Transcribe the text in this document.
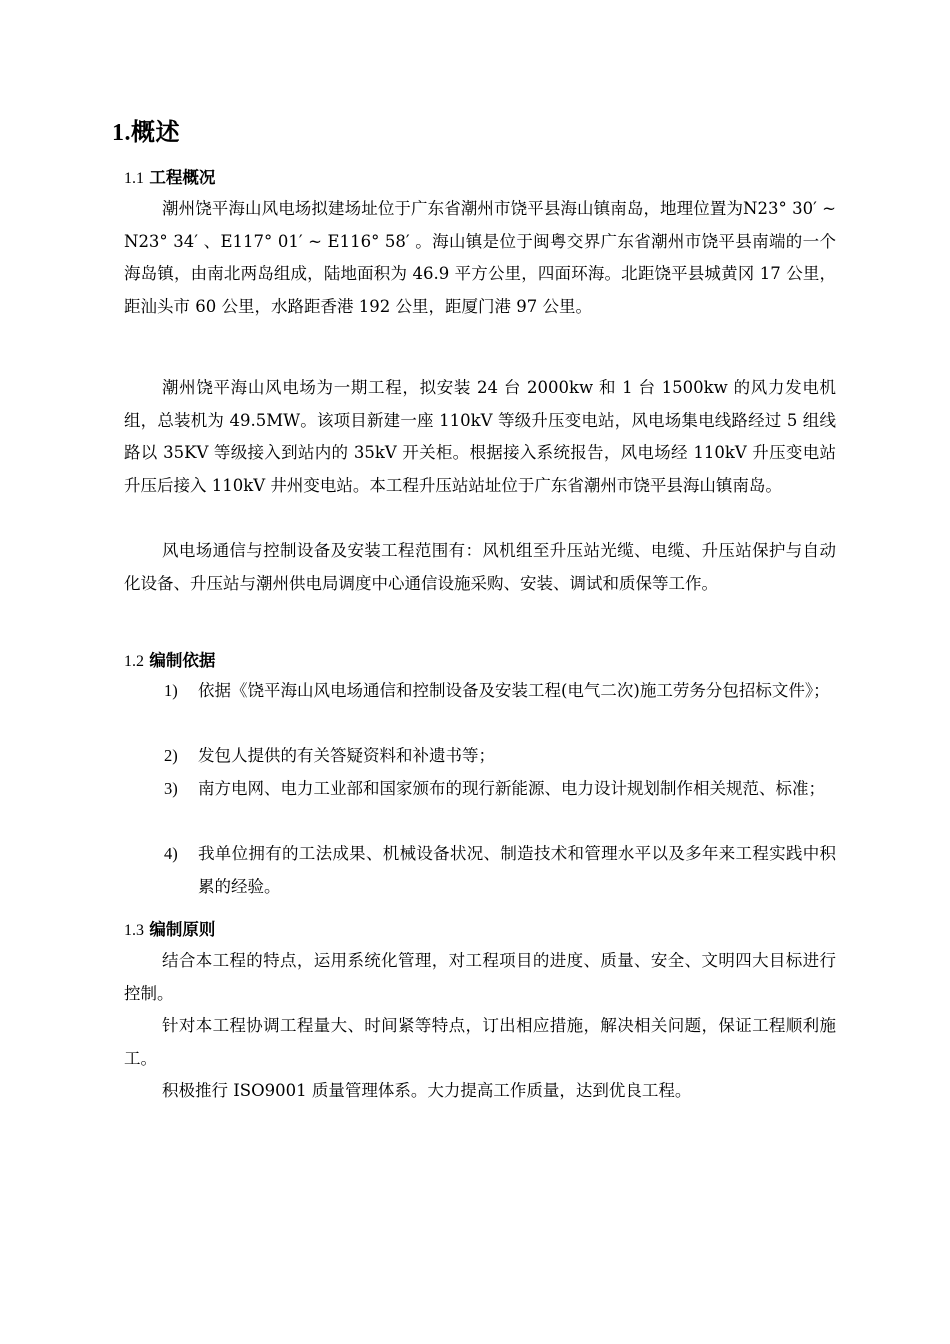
1.概述
1.1 工程概况

潮州饶平海山风电场拟建场址位于广东省潮州市饶平县海山镇南岛，地理位置为N23° 30′ ~ N23° 34′ 、E117° 01′ ~ E116° 58′ 。海山镇是位于闽粤交界广东省潮州市饶平县南端的一个海岛镇，由南北两岛组成，陆地面积为 46.9 平方公里，四面环海。北距饶平县城黄冈 17 公里，距汕头市 60 公里，水路距香港 192 公里，距厦门港 97 公里。

潮州饶平海山风电场为一期工程，拟安装 24 台 2000kw 和 1 台 1500kw 的风力发电机组，总装机为 49.5MW。该项目新建一座 110kV 等级升压变电站，风电场集电线路经过 5 组线路以 35KV 等级接入到站内的 35kV 开关柜。根据接入系统报告，风电场经 110kV 升压变电站升压后接入 110kV 井州变电站。本工程升压站站址位于广东省潮州市饶平县海山镇南岛。

风电场通信与控制设备及安装工程范围有：风机组至升压站光缆、电缆、升压站保护与自动化设备、升压站与潮州供电局调度中心通信设施采购、安装、调试和质保等工作。

1.2 编制依据
1)	依据《饶平海山风电场通信和控制设备及安装工程(电气二次)施工劳务分包招标文件》；
2)	发包人提供的有关答疑资料和补遗书等；
3)	南方电网、电力工业部和国家颁布的现行新能源、电力设计规划制作相关规范、标准；
4)	我单位拥有的工法成果、机械设备状况、制造技术和管理水平以及多年来工程实践中积累的经验。
1.3 编制原则

结合本工程的特点，运用系统化管理，对工程项目的进度、质量、安全、文明四大目标进行控制。

针对本工程协调工程量大、时间紧等特点，订出相应措施，解决相关问题，保证工程顺利施工。

积极推行 ISO9001 质量管理体系。大力提高工作质量，达到优良工程。
